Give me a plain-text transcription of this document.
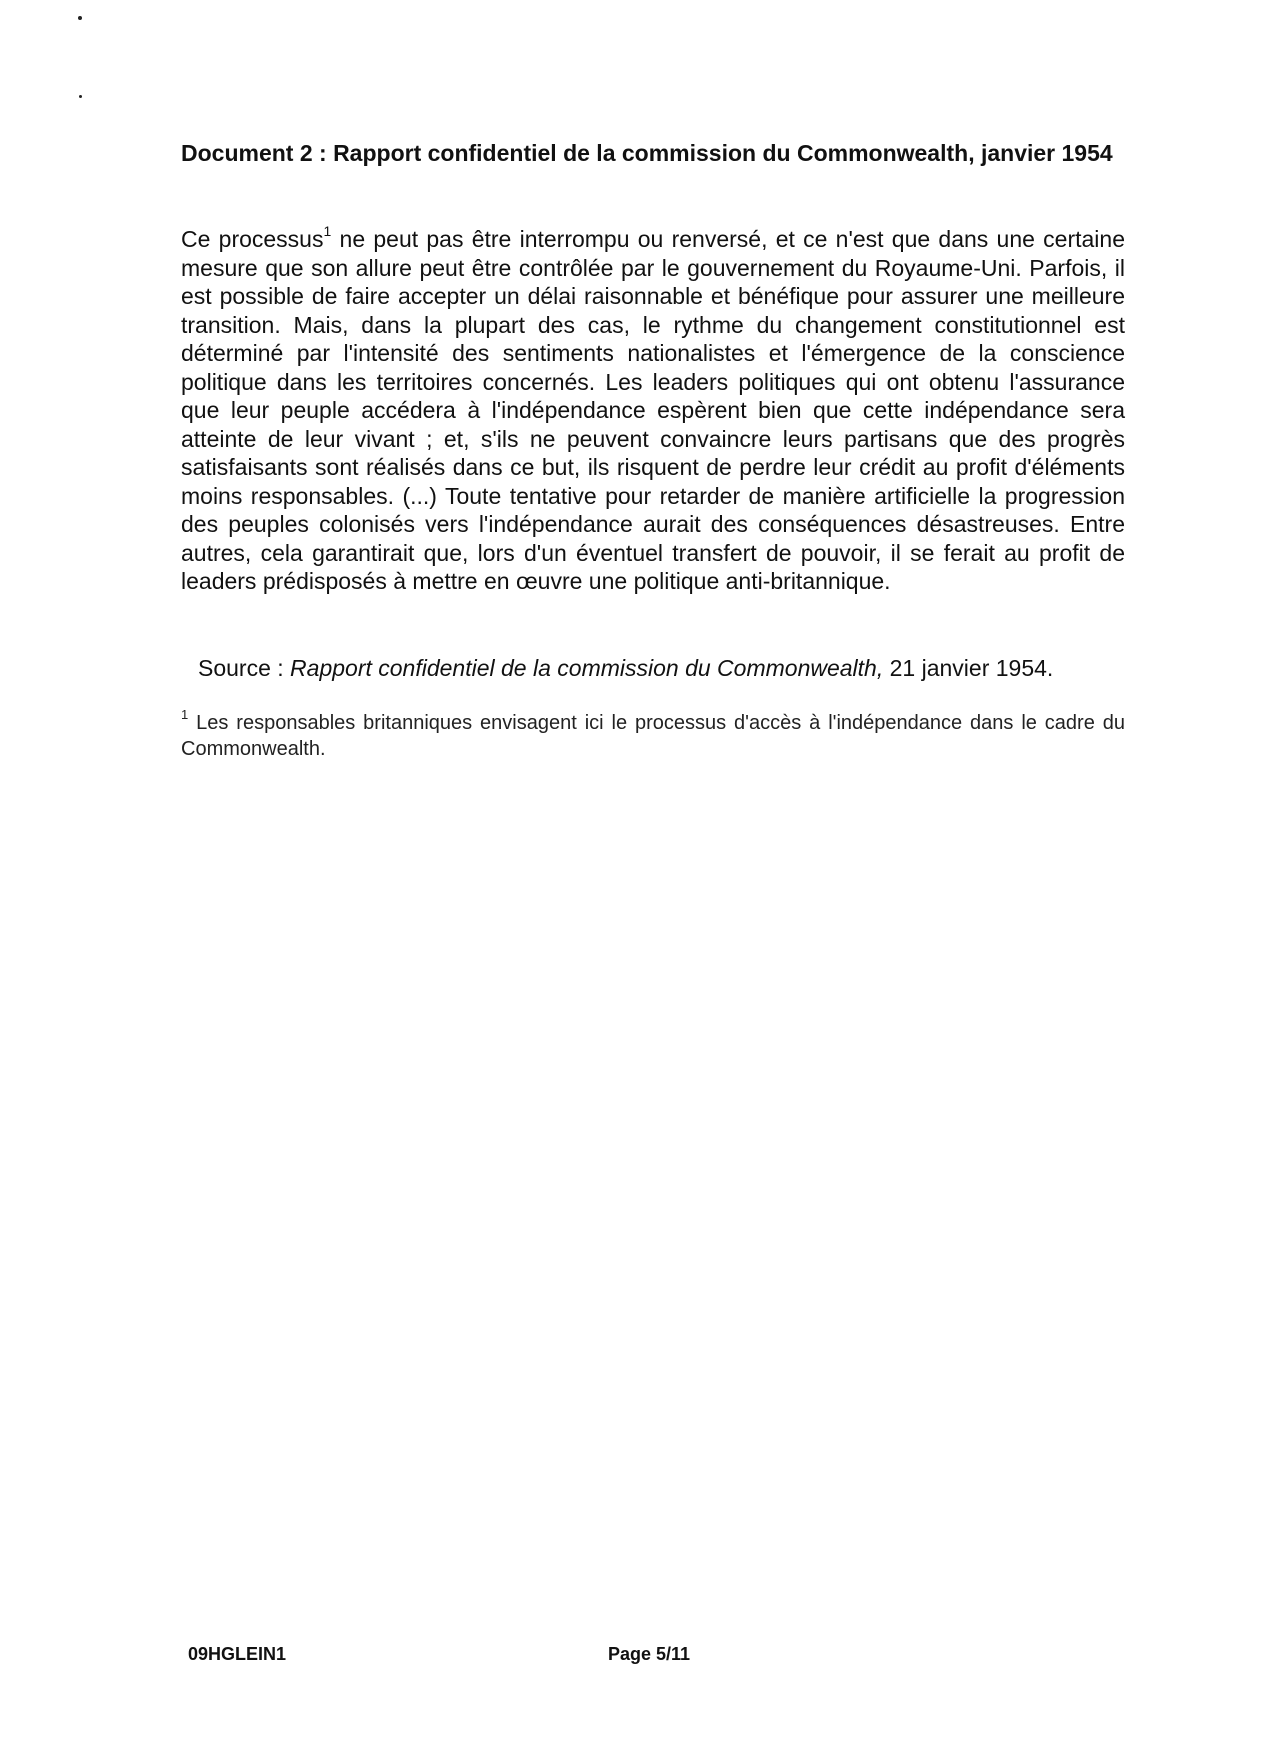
Document 2 : Rapport confidentiel de la commission du Commonwealth, janvier 1954

Ce processus$^1$ ne peut pas être interrompu ou renversé, et ce n'est que dans une certaine mesure que son allure peut être contrôlée par le gouvernement du Royaume-Uni. Parfois, il est possible de faire accepter un délai raisonnable et bénéfique pour assurer une meilleure transition. Mais, dans la plupart des cas, le rythme du changement constitutionnel est déterminé par l'intensité des sentiments nationalistes et l'émergence de la conscience politique dans les territoires concernés. Les leaders politiques qui ont obtenu l'assurance que leur peuple accédera à l'indépendance espèrent bien que cette indépendance sera atteinte de leur vivant ; et, s'ils ne peuvent convaincre leurs partisans que des progrès satisfaisants sont réalisés dans ce but, ils risquent de perdre leur crédit au profit d'éléments moins responsables. (...) Toute tentative pour retarder de manière artificielle la progression des peuples colonisés vers l'indépendance aurait des conséquences désastreuses. Entre autres, cela garantirait que, lors d'un éventuel transfert de pouvoir, il se ferait au profit de leaders prédisposés à mettre en œuvre une politique anti-britannique.

Source : Rapport confidentiel de la commission du Commonwealth, 21 janvier 1954.

$^1$ Les responsables britanniques envisagent ici le processus d'accès à l'indépendance dans le cadre du Commonwealth.

09HGLEIN1	Page 5/11
